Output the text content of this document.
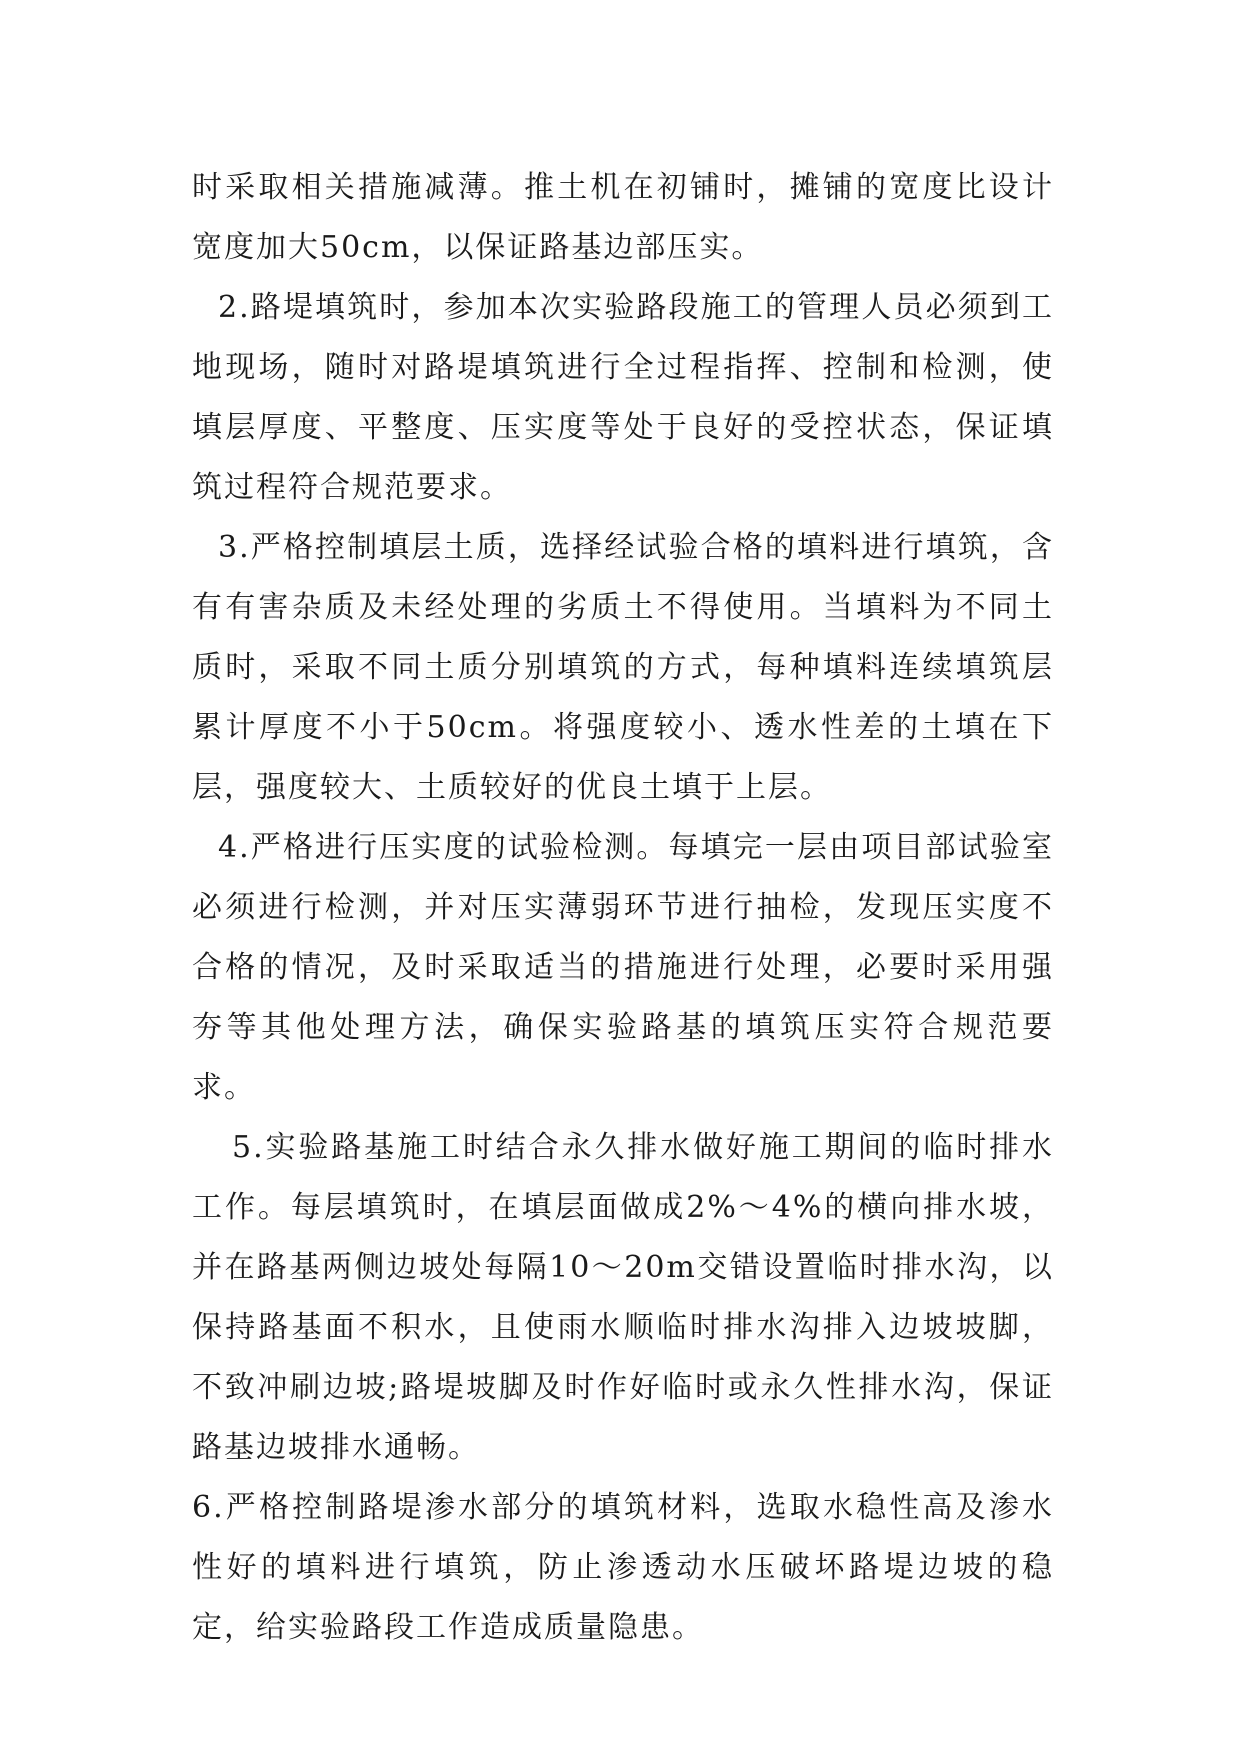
时采取相关措施减薄。推土机在初铺时，摊铺的宽度比设计宽度加大50cm，以保证路基边部压实。

2.路堤填筑时，参加本次实验路段施工的管理人员必须到工地现场，随时对路堤填筑进行全过程指挥、控制和检测，使填层厚度、平整度、压实度等处于良好的受控状态，保证填筑过程符合规范要求。

3.严格控制填层土质，选择经试验合格的填料进行填筑，含有有害杂质及未经处理的劣质土不得使用。当填料为不同土质时，采取不同土质分别填筑的方式，每种填料连续填筑层累计厚度不小于50cm。将强度较小、透水性差的土填在下层，强度较大、土质较好的优良土填于上层。

4.严格进行压实度的试验检测。每填完一层由项目部试验室必须进行检测，并对压实薄弱环节进行抽检，发现压实度不合格的情况，及时采取适当的措施进行处理，必要时采用强夯等其他处理方法，确保实验路基的填筑压实符合规范要求。

5.实验路基施工时结合永久排水做好施工期间的临时排水工作。每层填筑时，在填层面做成2%～4%的横向排水坡，并在路基两侧边坡处每隔10～20m交错设置临时排水沟，以保持路基面不积水，且使雨水顺临时排水沟排入边坡坡脚，不致冲刷边坡;路堤坡脚及时作好临时或永久性排水沟，保证路基边坡排水通畅。

6.严格控制路堤渗水部分的填筑材料，选取水稳性高及渗水性好的填料进行填筑，防止渗透动水压破坏路堤边坡的稳定，给实验路段工作造成质量隐患。
